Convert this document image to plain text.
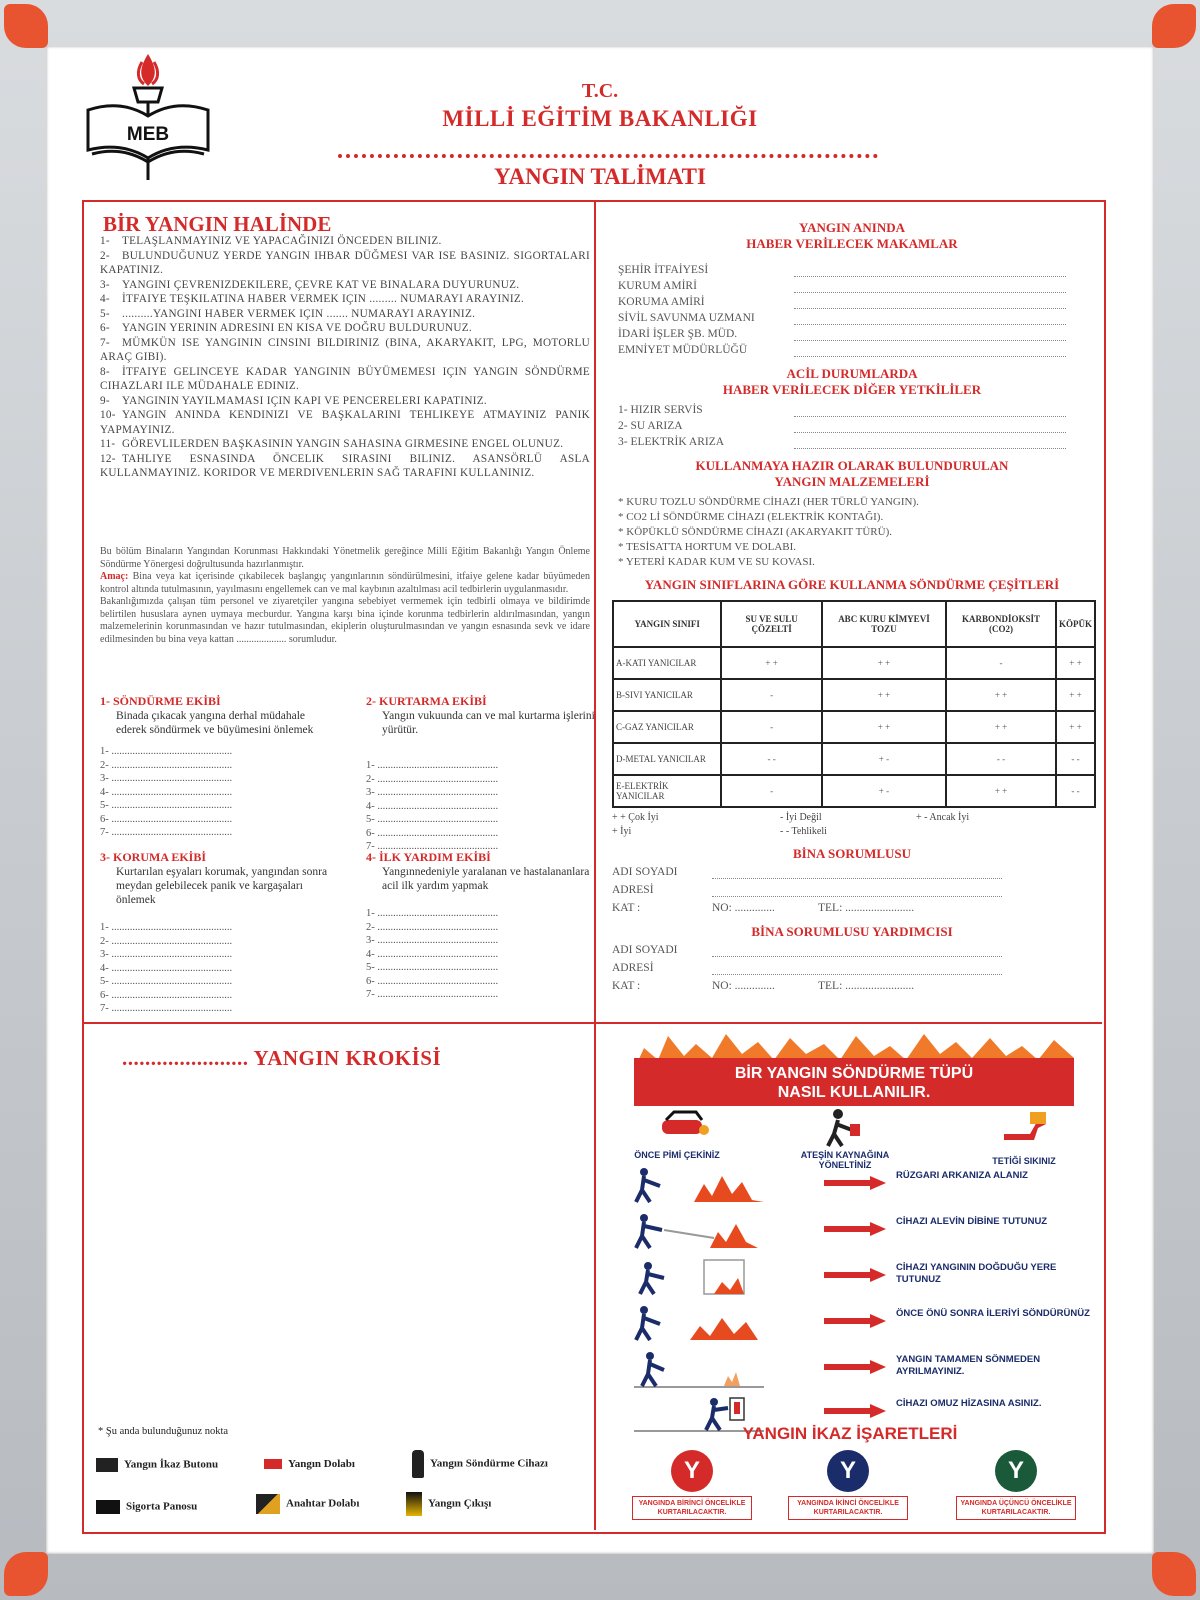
MEB
T.C.
MİLLİ EĞİTİM BAKANLIĞI
YANGIN TALİMATI
BİR YANGIN HALİNDE
1- TELAŞLANMAYINIZ VE YAPACAĞINIZI ÖNCEDEN BILINIZ.
2- BULUNDUĞUNUZ YERDE YANGIN IHBAR DÜĞMESI VAR ISE BASINIZ. SIGORTALARI KAPATINIZ.
3- YANGINI ÇEVRENIZDEKILERE, ÇEVRE KAT VE BINALARA DUYURUNUZ.
4- İTFAIYE TEŞKILATINA HABER VERMEK IÇIN ......... NUMARAYI ARAYINIZ.
5- ..........YANGINI HABER VERMEK IÇIN ....... NUMARAYI ARAYINIZ.
6- YANGIN YERININ ADRESINI EN KISA VE DOĞRU BULDURUNUZ.
7- MÜMKÜN ISE YANGININ CINSINI BILDIRINIZ (BINA, AKARYAKIT, LPG, MOTORLU ARAÇ GIBI).
8- İTFAIYE GELINCEYE KADAR YANGININ BÜYÜMEMESI IÇIN YANGIN SÖNDÜRME CIHAZLARI ILE MÜDAHALE EDINIZ.
9- YANGININ YAYILMAMASI IÇIN KAPI VE PENCERELERI KAPATINIZ.
10- YANGIN ANINDA KENDINIZI VE BAŞKALARINI TEHLIKEYE ATMAYINIZ PANIK YAPMAYINIZ.
11- GÖREVLILERDEN BAŞKASININ YANGIN SAHASINA GIRMESINE ENGEL OLUNUZ.
12- TAHLIYE ESNASINDA ÖNCELIK SIRASINI BILINIZ. ASANSÖRLÜ ASLA KULLANMAYINIZ. KORIDOR VE MERDIVENLERIN SAĞ TARAFINI KULLANINIZ.
Bu bölüm Binaların Yangından Korunması Hakkındaki Yönetmelik gereğince Milli Eğitim Bakanlığı Yangın Önleme Söndürme Yönergesi doğrultusunda hazırlanmıştır.
Amaç: Bina veya kat içerisinde çıkabilecek başlangıç yangınlarının söndürülmesini, itfaiye gelene kadar büyümeden kontrol altında tutulmasının, yayılmasını engellemek can ve mal kaybının azaltılması acil tedbirlerin uygulanmasıdır.
Bakanlığımızda çalışan tüm personel ve ziyaretçiler yangına sebebiyet vermemek için tedbirli olmaya ve bildirimde belirtilen hususlara aynen uymaya mecburdur. Yangına karşı bina içinde korunma tedbirlerin aldırılmasından, yangın malzemelerinin korunmasından ve hazır tutulmasından, ekiplerin oluşturulmasından ve yangın esnasında sevk ve idare edilmesinden bu bina veya kattan .................... sorumludur.
1- SÖNDÜRME EKİBİ
Binada çıkacak yangına derhal müdahale ederek söndürmek ve büyümesini önlemek
1- ..............................................
2- ..............................................
3- ..............................................
4- ..............................................
5- ..............................................
6- ..............................................
7- ..............................................
2- KURTARMA EKİBİ
Yangın vukuunda can ve mal kurtarma işlerini yürütür.
1- ..............................................
2- ..............................................
3- ..............................................
4- ..............................................
5- ..............................................
6- ..............................................
7- ..............................................
3- KORUMA EKİBİ
Kurtarılan eşyaları korumak, yangından sonra meydan gelebilecek panik ve kargaşaları önlemek
1- ..............................................
2- ..............................................
3- ..............................................
4- ..............................................
5- ..............................................
6- ..............................................
7- ..............................................
4- İLK YARDIM EKİBİ
Yangınnedeniyle yaralanan ve hastalananlara acil ilk yardım yapmak
1- ..............................................
2- ..............................................
3- ..............................................
4- ..............................................
5- ..............................................
6- ..............................................
7- ..............................................
YANGIN ANINDA
HABER VERİLECEK MAKAMLAR
ŞEHİR İTFAİYESİ
KURUM AMİRİ
KORUMA AMİRİ
SİVİL SAVUNMA UZMANI
İDARİ İŞLER ŞB. MÜD.
EMNİYET MÜDÜRLÜĞÜ
ACİL DURUMLARDA
HABER VERİLECEK DİĞER YETKİLİLER
1- HIZIR SERVİS
2- SU ARIZA
3- ELEKTRİK ARIZA
KULLANMAYA HAZIR OLARAK BULUNDURULAN
YANGIN MALZEMELERİ
* KURU TOZLU SÖNDÜRME CİHAZI (HER TÜRLÜ YANGIN).
* CO2 Lİ SÖNDÜRME CİHAZI (ELEKTRİK KONTAĞI).
* KÖPÜKLÜ SÖNDÜRME CİHAZI (AKARYAKIT TÜRÜ).
* TESİSATTA HORTUM VE DOLABI.
* YETERİ KADAR KUM VE SU KOVASI.
YANGIN SINIFLARINA GÖRE KULLANMA SÖNDÜRME ÇEŞİTLERİ
YANGIN SINIFI	SU VE SULU ÇÖZELTİ	ABC KURU KİMYEVİ TOZU	KARBONDİOKSİT (CO2)	KÖPÜK
A-KATI YANICILAR	+ +	+ +	-	+ +
B-SIVI YANICILAR	-	+ +	+ +	+ +
C-GAZ YANICILAR	-	+ +	+ +	+ +
D-METAL YANICILAR	- -	+ -	- -	- -
E-ELEKTRİK YANICILAR	-	+ -	+ +	- -
+ + Çok İyi
+ İyi
- İyi Değil
- - Tehlikeli
+ - Ancak İyi
BİNA SORUMLUSU
ADI SOYADI
ADRESİ
KAT :	NO: ..............	TEL: ........................
BİNA SORUMLUSU YARDIMCISI
ADI SOYADI
ADRESİ
KAT :	NO: ..............	TEL: ........................
...................... YANGIN KROKİSİ
* Şu anda bulunduğunuz nokta
Yangın İkaz Butonu	Yangın Dolabı	Yangın Söndürme Cihazı
Sigorta Panosu	Anahtar Dolabı	Yangın Çıkışı
BİR YANGIN SÖNDÜRME TÜPÜ
NASIL KULLANILIR.
ÖNCE PİMİ ÇEKİNİZ	ATEŞİN KAYNAĞINA YÖNELTİNİZ	TETİĞİ SIKINIZ
RÜZGARI ARKANIZA ALANIZ
CİHAZI ALEVİN DİBİNE TUTUNUZ
CİHAZI YANGININ DOĞDUĞU YERE TUTUNUZ
ÖNCE ÖNÜ SONRA İLERİYİ SÖNDÜRÜNÜZ
YANGIN TAMAMEN SÖNMEDEN AYRILMAYINIZ.
CİHAZI OMUZ HİZASINA ASINIZ.
YANGIN İKAZ İŞARETLERİ
Y
YANGINDA BİRİNCİ ÖNCELİKLE KURTARILACAKTIR.
Y
YANGINDA İKİNCİ ÖNCELİKLE KURTARILACAKTIR.
Y
YANGINDA ÜÇÜNCÜ ÖNCELİKLE KURTARILACAKTIR.
